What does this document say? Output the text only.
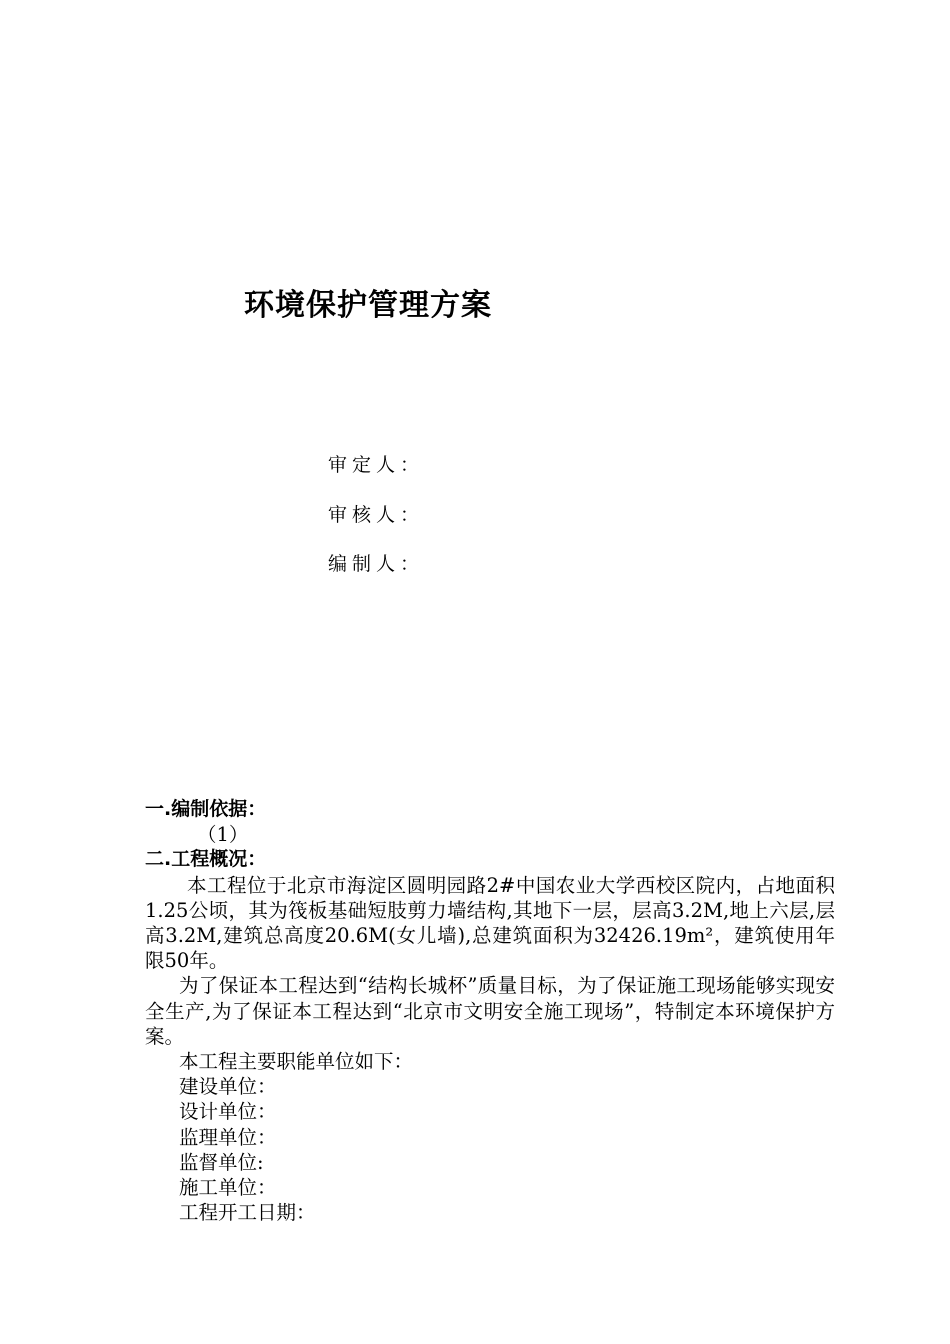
环境保护管理方案
审定人：
审核人：
编制人：
一.编制依据：
（1）
二.工程概况：

本工程位于北京市海淀区圆明园路2#中国农业大学西校区院内，占地面积1.25公顷，其为筏板基础短肢剪力墙结构,其地下一层，层高3.2M,地上六层,层高3.2M,建筑总高度20.6M(女儿墙),总建筑面积为32426.19m²，建筑使用年限50年。

为了保证本工程达到“结构长城杯”质量目标，为了保证施工现场能够实现安全生产,为了保证本工程达到“北京市文明安全施工现场”，特制定本环境保护方案。

本工程主要职能单位如下：
建设单位：
设计单位：
监理单位：
监督单位:
施工单位：
工程开工日期：
